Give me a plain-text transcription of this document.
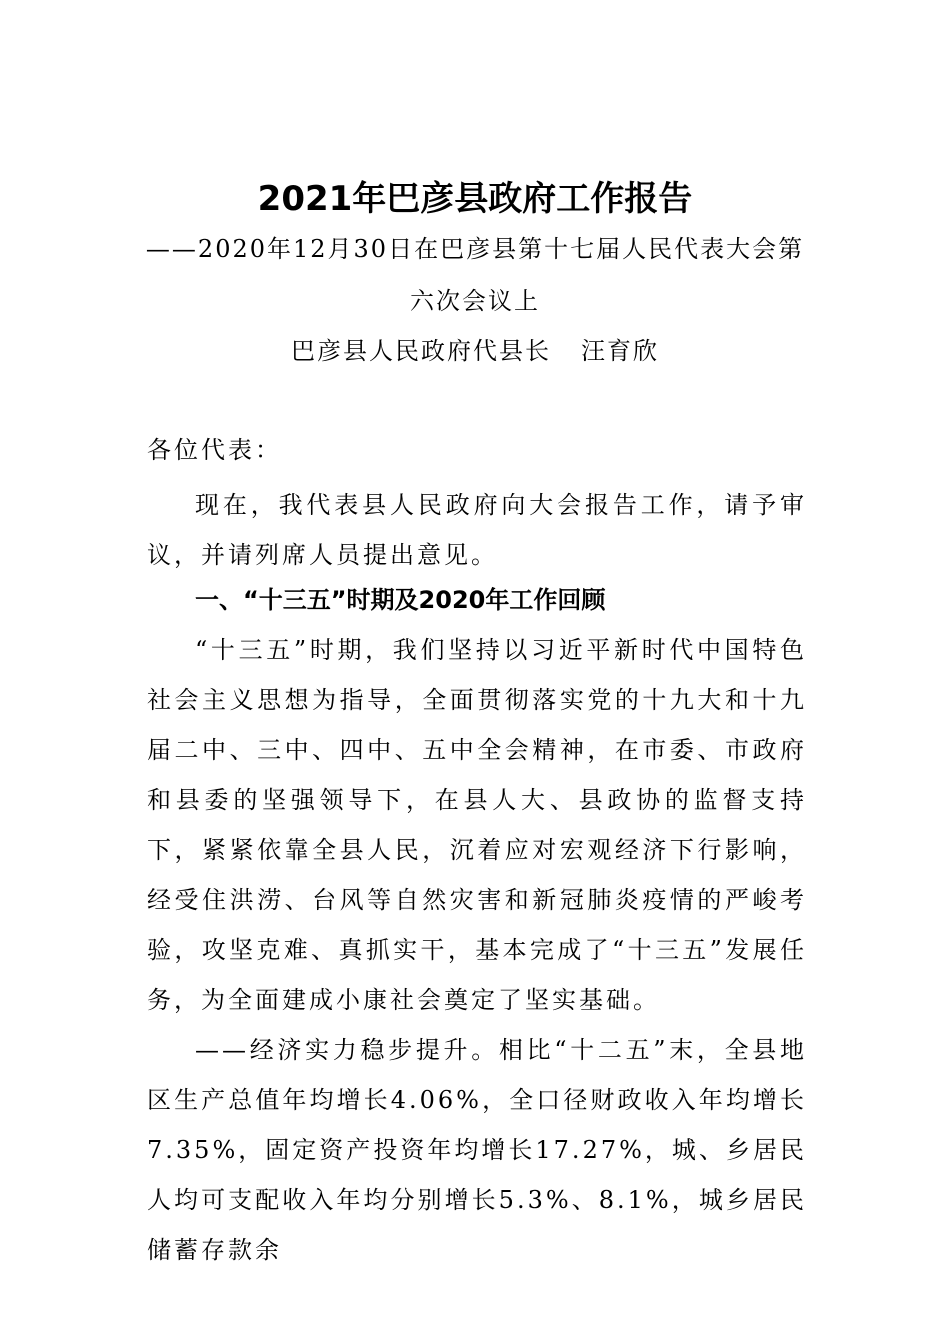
2021年巴彦县政府工作报告
——2020年12月30日在巴彦县第十七届人民代表大会第
六次会议上
巴彦县人民政府代县长 汪育欣
各位代表：
现在，我代表县人民政府向大会报告工作，请予审议，并请列席人员提出意见。
一、“十三五”时期及2020年工作回顾
“十三五”时期，我们坚持以习近平新时代中国特色社会主义思想为指导，全面贯彻落实党的十九大和十九届二中、三中、四中、五中全会精神，在市委、市政府和县委的坚强领导下，在县人大、县政协的监督支持下，紧紧依靠全县人民，沉着应对宏观经济下行影响，经受住洪涝、台风等自然灾害和新冠肺炎疫情的严峻考验，攻坚克难、真抓实干，基本完成了“十三五”发展任务，为全面建成小康社会奠定了坚实基础。
——经济实力稳步提升。相比“十二五”末，全县地区生产总值年均增长4.06%，全口径财政收入年均增长7.35%，固定资产投资年均增长17.27%，城、乡居民人均可支配收入年均分别增长5.3%、8.1%，城乡居民储蓄存款余
